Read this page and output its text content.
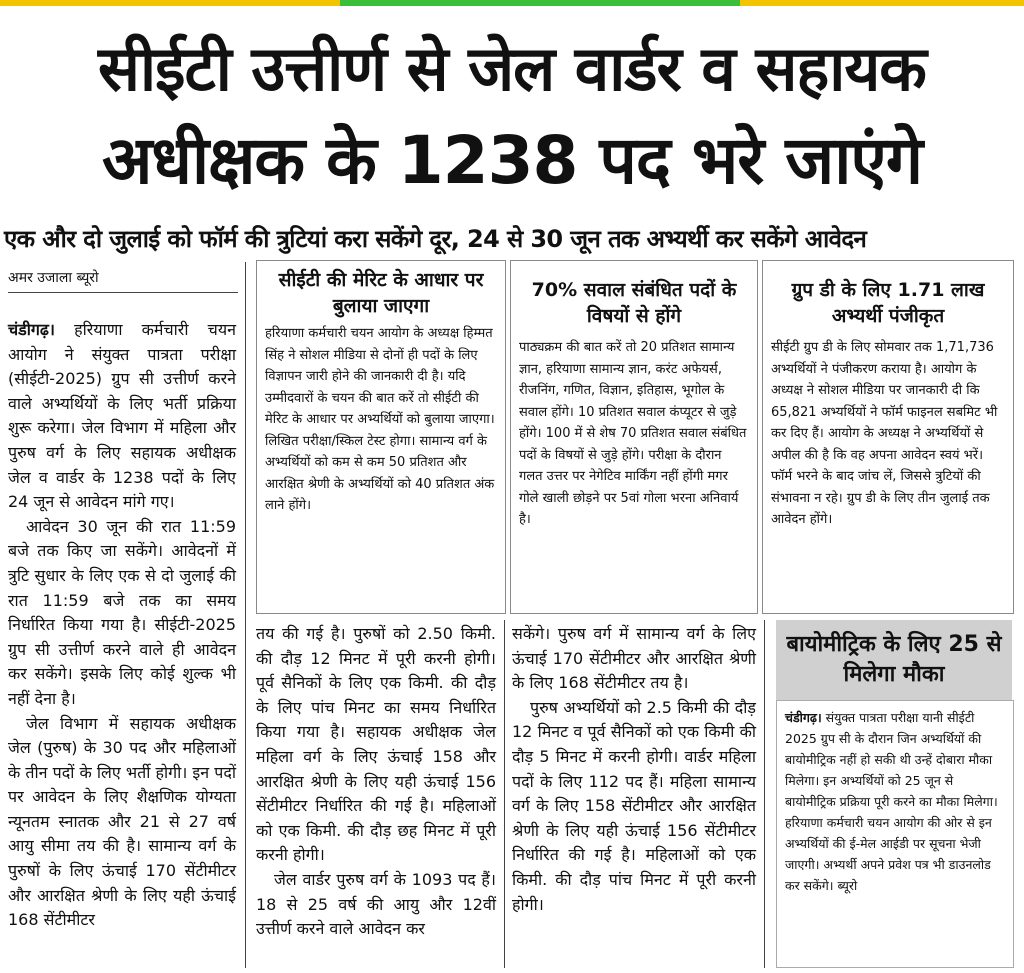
सीईटी उत्तीर्ण से जेल वार्डर व सहायक
अधीक्षक के 1238 पद भरे जाएंगे
एक और दो जुलाई को फॉर्म की त्रुटियां करा सकेंगे दूर, 24 से 30 जून तक अभ्यर्थी कर सकेंगे आवेदन
अमर उजाला ब्यूरो

चंडीगढ़। हरियाणा कर्मचारी चयन आयोग ने संयुक्त पात्रता परीक्षा (सीईटी-2025) ग्रुप सी उत्तीर्ण करने वाले अभ्यर्थियों के लिए भर्ती प्रक्रिया शुरू करेगा। जेल विभाग में महिला और पुरुष वर्ग के लिए सहायक अधीक्षक जेल व वार्डर के 1238 पदों के लिए 24 जून से आवेदन मांगे गए।

आवेदन 30 जून की रात 11:59 बजे तक किए जा सकेंगे। आवेदनों में त्रुटि सुधार के लिए एक से दो जुलाई की रात 11:59 बजे तक का समय निर्धारित किया गया है। सीईटी-2025 ग्रुप सी उत्तीर्ण करने वाले ही आवेदन कर सकेंगे। इसके लिए कोई शुल्क भी नहीं देना है।

जेल विभाग में सहायक अधीक्षक जेल (पुरुष) के 30 पद और महिलाओं के तीन पदों के लिए भर्ती होगी। इन पदों पर आवेदन के लिए शैक्षणिक योग्यता न्यूनतम स्नातक और 21 से 27 वर्ष आयु सीमा तय की है। सामान्य वर्ग के पुरुषों के लिए ऊंचाई 170 सेंटीमीटर और आरक्षित श्रेणी के लिए यही ऊंचाई 168 सेंटीमीटर

सीईटी की मेरिट के आधार पर बुलाया जाएगा

हरियाणा कर्मचारी चयन आयोग के अध्यक्ष हिम्मत सिंह ने सोशल मीडिया से दोनों ही पदों के लिए विज्ञापन जारी होने की जानकारी दी है। यदि उम्मीदवारों के चयन की बात करें तो सीईटी की मेरिट के आधार पर अभ्यर्थियों को बुलाया जाएगा। लिखित परीक्षा/स्किल टेस्ट होगा। सामान्य वर्ग के अभ्यर्थियों को कम से कम 50 प्रतिशत और आरक्षित श्रेणी के अभ्यर्थियों को 40 प्रतिशत अंक लाने होंगे।

70% सवाल संबंधित पदों के विषयों से होंगे

पाठ्यक्रम की बात करें तो 20 प्रतिशत सामान्य ज्ञान, हरियाणा सामान्य ज्ञान, करंट अफेयर्स, रीजनिंग, गणित, विज्ञान, इतिहास, भूगोल के सवाल होंगे। 10 प्रतिशत सवाल कंप्यूटर से जुड़े होंगे। 100 में से शेष 70 प्रतिशत सवाल संबंधित पदों के विषयों से जुड़े होंगे। परीक्षा के दौरान गलत उत्तर पर नेगेटिव मार्किंग नहीं होंगी मगर गोले खाली छोड़ने पर 5वां गोला भरना अनिवार्य है।

ग्रुप डी के लिए 1.71 लाख अभ्यर्थी पंजीकृत

सीईटी ग्रुप डी के लिए सोमवार तक 1,71,736 अभ्यर्थियों ने पंजीकरण कराया है। आयोग के अध्यक्ष ने सोशल मीडिया पर जानकारी दी कि 65,821 अभ्यर्थियों ने फॉर्म फाइनल सबमिट भी कर दिए हैं। आयोग के अध्यक्ष ने अभ्यर्थियों से अपील की है कि वह अपना आवेदन स्वयं भरें। फॉर्म भरने के बाद जांच लें, जिससे त्रुटियों की संभावना न रहे। ग्रुप डी के लिए तीन जुलाई तक आवेदन होंगे।

तय की गई है। पुरुषों को 2.50 किमी. की दौड़ 12 मिनट में पूरी करनी होगी। पूर्व सैनिकों के लिए एक किमी. की दौड़ के लिए पांच मिनट का समय निर्धारित किया गया है। सहायक अधीक्षक जेल महिला वर्ग के लिए ऊंचाई 158 और आरक्षित श्रेणी के लिए यही ऊंचाई 156 सेंटीमीटर निर्धारित की गई है। महिलाओं को एक किमी. की दौड़ छह मिनट में पूरी करनी होगी।

जेल वार्डर पुरुष वर्ग के 1093 पद हैं। 18 से 25 वर्ष की आयु और 12वीं उत्तीर्ण करने वाले आवेदन कर

सकेंगे। पुरुष वर्ग में सामान्य वर्ग के लिए ऊंचाई 170 सेंटीमीटर और आरक्षित श्रेणी के लिए 168 सेंटीमीटर तय है।

पुरुष अभ्यर्थियों को 2.5 किमी की दौड़ 12 मिनट व पूर्व सैनिकों को एक किमी की दौड़ 5 मिनट में करनी होगी। वार्डर महिला पदों के लिए 112 पद हैं। महिला सामान्य वर्ग के लिए 158 सेंटीमीटर और आरक्षित श्रेणी के लिए यही ऊंचाई 156 सेंटीमीटर निर्धारित की गई है। महिलाओं को एक किमी. की दौड़ पांच मिनट में पूरी करनी होगी।

बायोमीट्रिक के लिए 25 से मिलेगा मौका

चंडीगढ़। संयुक्त पात्रता परीक्षा यानी सीईटी 2025 ग्रुप सी के दौरान जिन अभ्यर्थियों की बायोमीट्रिक नहीं हो सकी थी उन्हें दोबारा मौका मिलेगा। इन अभ्यर्थियों को 25 जून से बायोमीट्रिक प्रक्रिया पूरी करने का मौका मिलेगा। हरियाणा कर्मचारी चयन आयोग की ओर से इन अभ्यर्थियों की ई-मेल आईडी पर सूचना भेजी जाएगी। अभ्यर्थी अपने प्रवेश पत्र भी डाउनलोड कर सकेंगे। ब्यूरो
